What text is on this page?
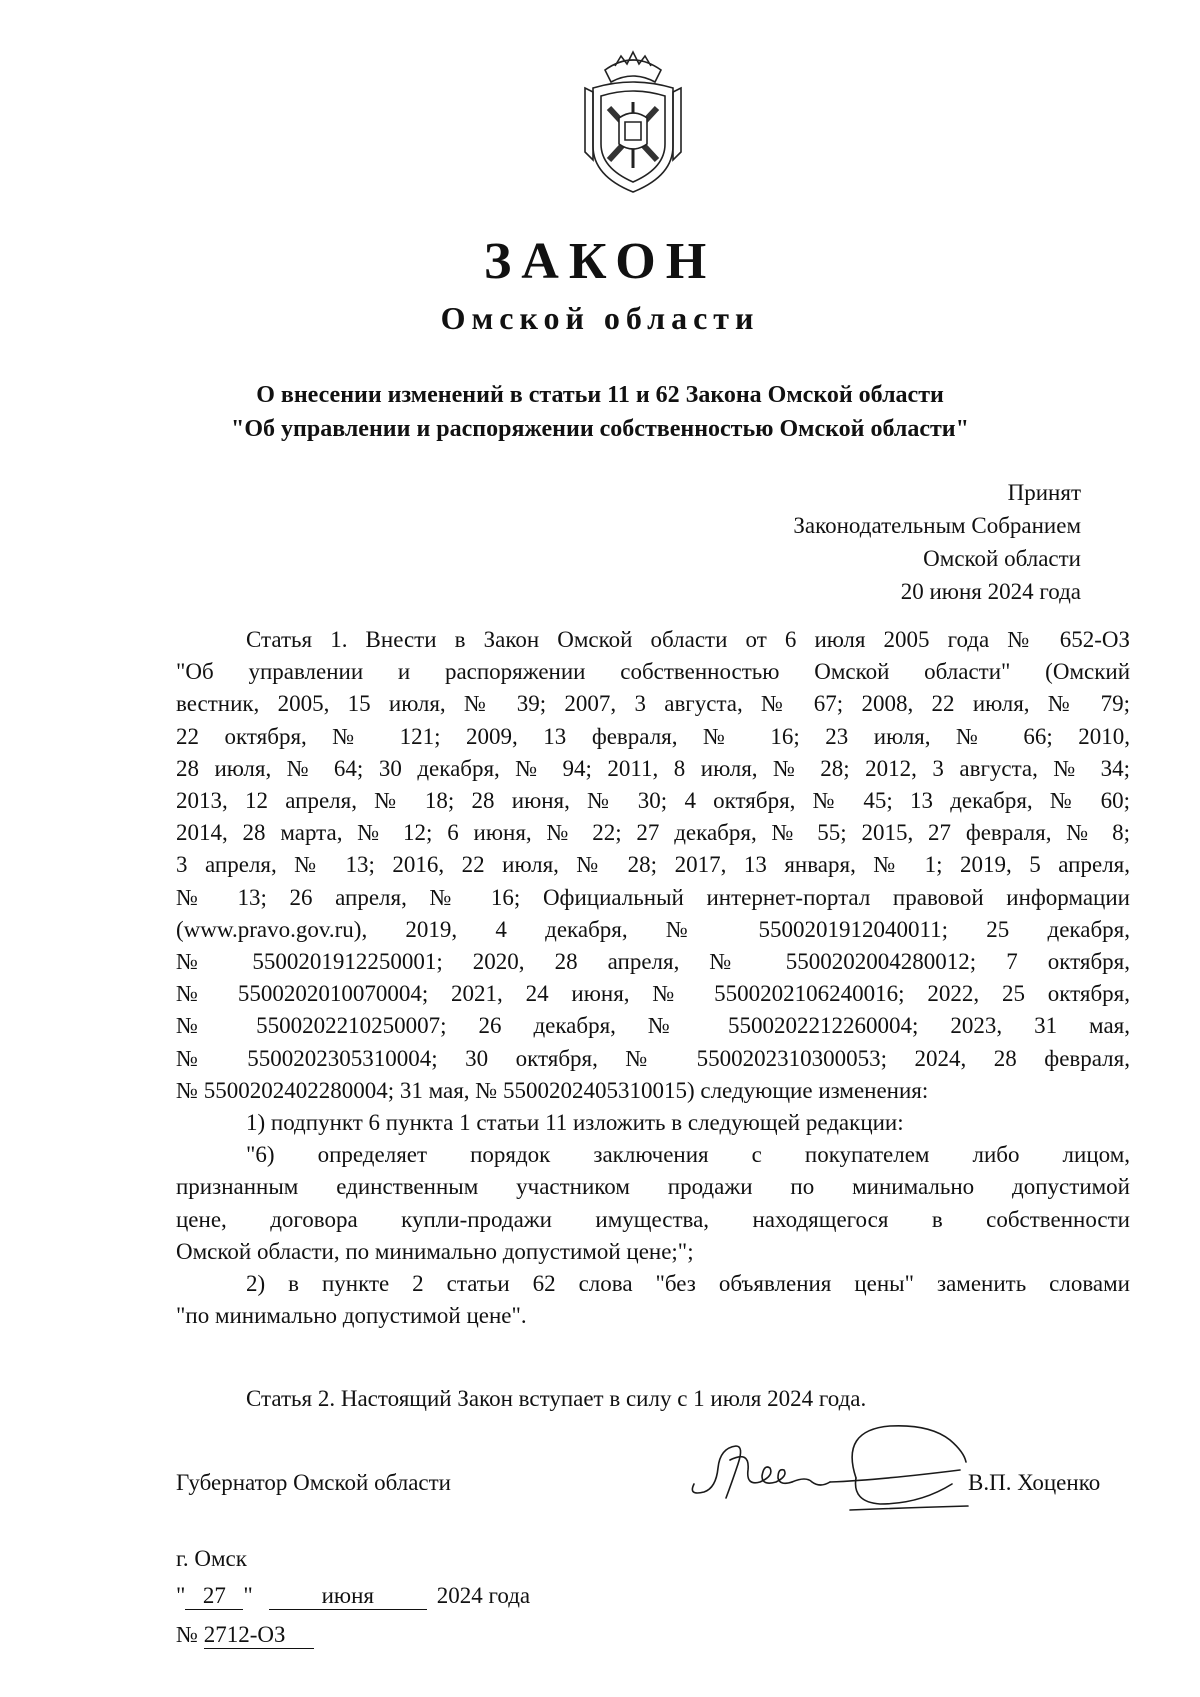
ЗАКОН
Омской области
О внесении изменений в статьи 11 и 62 Закона Омской области
"Об управлении и распоряжении собственностью Омской области"
Принят
Законодательным Собранием
Омской области
20 июня 2024 года

Статья 1. Внести в Закон Омской области от 6 июля 2005 года № 652-ОЗ

"Об управлении и распоряжении собственностью Омской области" (Омский

вестник, 2005, 15 июля, № 39; 2007, 3 августа, № 67; 2008, 22 июля, № 79;

22 октября, № 121; 2009, 13 февраля, № 16; 23 июля, № 66; 2010,

28 июля, № 64; 30 декабря, № 94; 2011, 8 июля, № 28; 2012, 3 августа, № 34;

2013, 12 апреля, № 18; 28 июня, № 30; 4 октября, № 45; 13 декабря, № 60;

2014, 28 марта, № 12; 6 июня, № 22; 27 декабря, № 55; 2015, 27 февраля, № 8;

3 апреля, № 13; 2016, 22 июля, № 28; 2017, 13 января, № 1; 2019, 5 апреля,

№ 13; 26 апреля, № 16; Официальный интернет-портал правовой информации

(www.pravo.gov.ru), 2019, 4 декабря, № 5500201912040011; 25 декабря,

№ 5500201912250001; 2020, 28 апреля, № 5500202004280012; 7 октября,

№ 5500202010070004; 2021, 24 июня, № 5500202106240016; 2022, 25 октября,

№ 5500202210250007; 26 декабря, № 5500202212260004; 2023, 31 мая,

№ 5500202305310004; 30 октября, № 5500202310300053; 2024, 28 февраля,

№ 5500202402280004; 31 мая, № 5500202405310015) следующие изменения:

1) подпункт 6 пункта 1 статьи 11 изложить в следующей редакции:

"6) определяет порядок заключения с покупателем либо лицом,

признанным единственным участником продажи по минимально допустимой

цене, договора купли-продажи имущества, находящегося в собственности

Омской области, по минимально допустимой цене;";

2) в пункте 2 статьи 62 слова "без объявления цены" заменить словами

"по минимально допустимой цене".

Статья 2. Настоящий Закон вступает в силу с 1 июля 2024 года.
Губернатор Омской области	В.П. Хоценко
г. Омск
" 27"	июня	2024 года
№ 2712-ОЗ
